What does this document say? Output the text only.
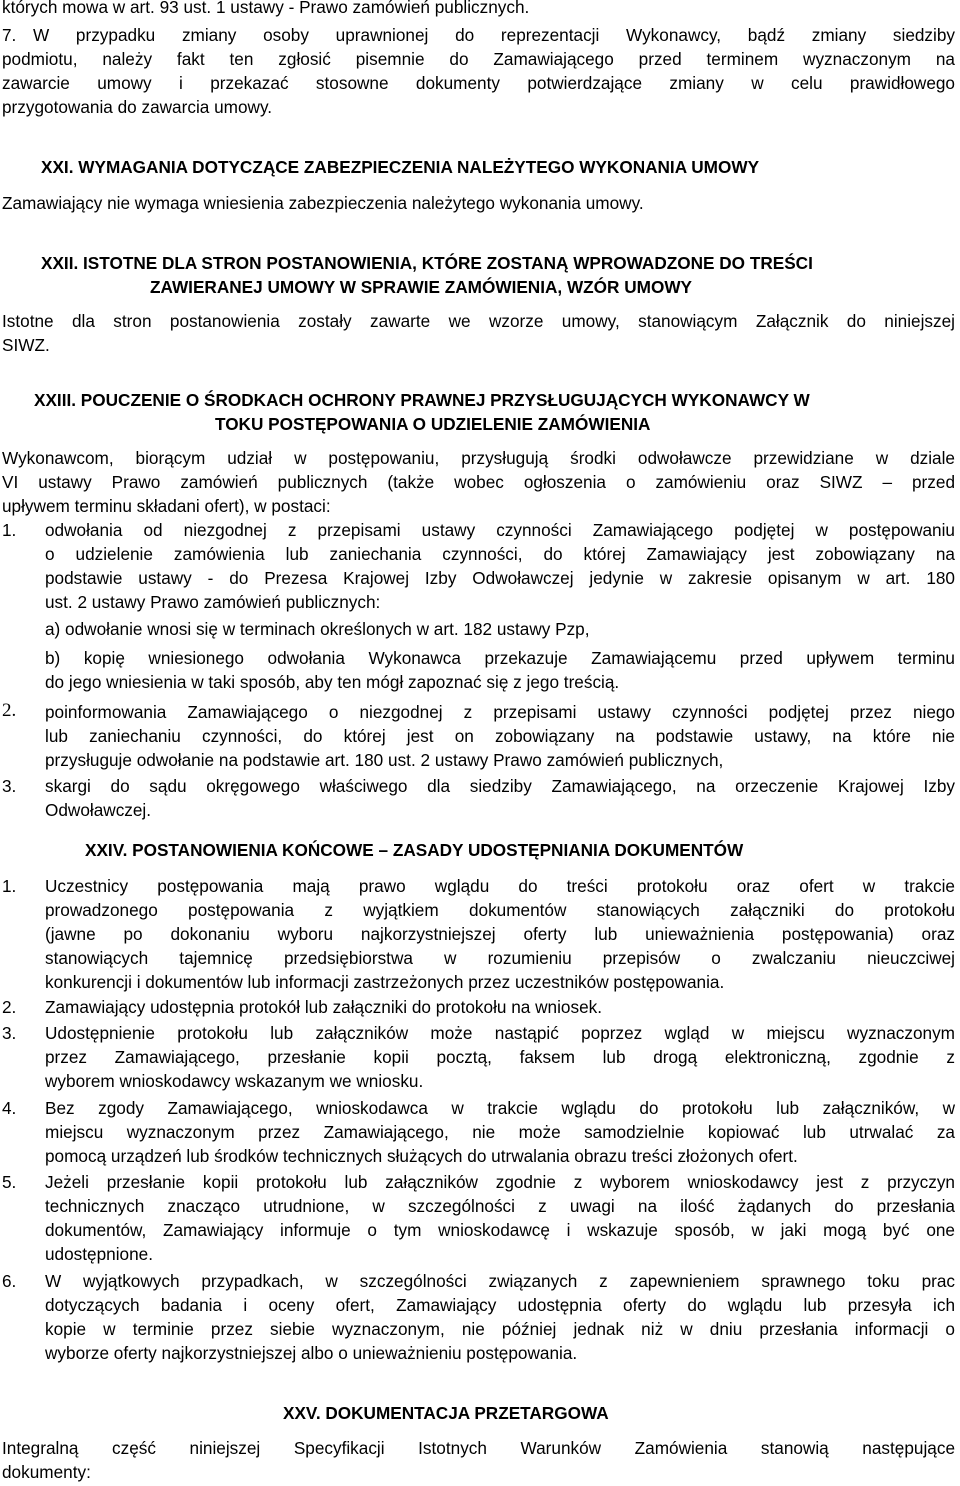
których mowa w art. 93 ust. 1 ustawy - Prawo zamówień publicznych.
7. W przypadku zmiany osoby uprawnionej do reprezentacji Wykonawcy, bądź zmiany siedziby
podmiotu, należy fakt ten zgłosić pisemnie do Zamawiającego przed terminem wyznaczonym na
zawarcie umowy i przekazać stosowne dokumenty potwierdzające zmiany w celu prawidłowego
przygotowania do zawarcia umowy.
XXI. WYMAGANIA DOTYCZĄCE ZABEZPIECZENIA NALEŻYTEGO WYKONANIA UMOWY
Zamawiający nie wymaga wniesienia zabezpieczenia należytego wykonania umowy.
XXII. ISTOTNE DLA STRON POSTANOWIENIA, KTÓRE ZOSTANĄ WPROWADZONE DO TREŚCI
ZAWIERANEJ UMOWY W SPRAWIE ZAMÓWIENIA, WZÓR UMOWY
Istotne dla stron postanowienia zostały zawarte we wzorze umowy, stanowiącym Załącznik do niniejszej
SIWZ.
XXIII. POUCZENIE O ŚRODKACH OCHRONY PRAWNEJ PRZYSŁUGUJĄCYCH WYKONAWCY W
TOKU POSTĘPOWANIA O UDZIELENIE ZAMÓWIENIA
Wykonawcom, biorącym udział w postępowaniu, przysługują środki odwoławcze przewidziane w dziale
VI ustawy Prawo zamówień publicznych (także wobec ogłoszenia o zamówieniu oraz SIWZ – przed
upływem terminu składani ofert), w postaci:
1. odwołania od niezgodnej z przepisami ustawy czynności Zamawiającego podjętej w postępowaniu
o udzielenie zamówienia lub zaniechania czynności, do której Zamawiający jest zobowiązany na
podstawie ustawy - do Prezesa Krajowej Izby Odwoławczej jedynie w zakresie opisanym w art. 180
ust. 2 ustawy Prawo zamówień publicznych:
a) odwołanie wnosi się w terminach określonych w art. 182 ustawy Pzp,
b) kopię wniesionego odwołania Wykonawca przekazuje Zamawiającemu przed upływem terminu
do jego wniesienia w taki sposób, aby ten mógł zapoznać się z jego treścią.
2. poinformowania Zamawiającego o niezgodnej z przepisami ustawy czynności podjętej przez niego
lub zaniechaniu czynności, do której jest on zobowiązany na podstawie ustawy, na które nie
przysługuje odwołanie na podstawie art. 180 ust. 2 ustawy Prawo zamówień publicznych,
3. skargi do sądu okręgowego właściwego dla siedziby Zamawiającego, na orzeczenie Krajowej Izby
Odwoławczej.
XXIV. POSTANOWIENIA KOŃCOWE – ZASADY UDOSTĘPNIANIA DOKUMENTÓW
1. Uczestnicy postępowania mają prawo wglądu do treści protokołu oraz ofert w trakcie
prowadzonego postępowania z wyjątkiem dokumentów stanowiących załączniki do protokołu
(jawne po dokonaniu wyboru najkorzystniejszej oferty lub unieważnienia postępowania) oraz
stanowiących tajemnicę przedsiębiorstwa w rozumieniu przepisów o zwalczaniu nieuczciwej
konkurencji i dokumentów lub informacji zastrzeżonych przez uczestników postępowania.
2. Zamawiający udostępnia protokół lub załączniki do protokołu na wniosek.
3. Udostępnienie protokołu lub załączników może nastąpić poprzez wgląd w miejscu wyznaczonym
przez Zamawiającego, przesłanie kopii pocztą, faksem lub drogą elektroniczną, zgodnie z
wyborem wnioskodawcy wskazanym we wniosku.
4. Bez zgody Zamawiającego, wnioskodawca w trakcie wglądu do protokołu lub załączników, w
miejscu wyznaczonym przez Zamawiającego, nie może samodzielnie kopiować lub utrwalać za
pomocą urządzeń lub środków technicznych służących do utrwalania obrazu treści złożonych ofert.
5. Jeżeli przesłanie kopii protokołu lub załączników zgodnie z wyborem wnioskodawcy jest z przyczyn
technicznych znacząco utrudnione, w szczególności z uwagi na ilość żądanych do przesłania
dokumentów, Zamawiający informuje o tym wnioskodawcę i wskazuje sposób, w jaki mogą być one
udostępnione.
6. W wyjątkowych przypadkach, w szczególności związanych z zapewnieniem sprawnego toku prac
dotyczących badania i oceny ofert, Zamawiający udostępnia oferty do wglądu lub przesyła ich
kopie w terminie przez siebie wyznaczonym, nie później jednak niż w dniu przesłania informacji o
wyborze oferty najkorzystniejszej albo o unieważnieniu postępowania.
XXV. DOKUMENTACJA PRZETARGOWA
Integralną część niniejszej Specyfikacji Istotnych Warunków Zamówienia stanowią następujące
dokumenty:
